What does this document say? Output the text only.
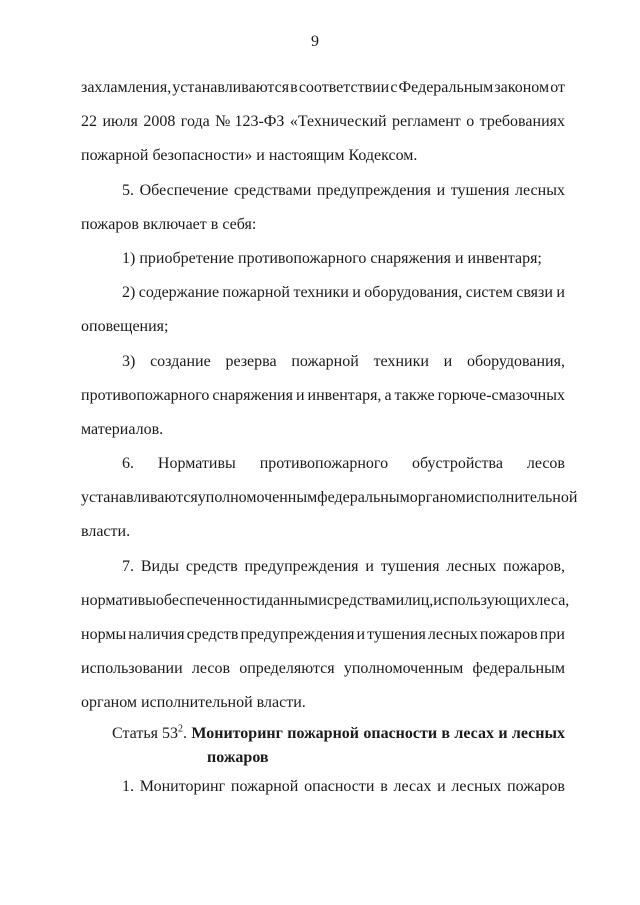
9
захламления, устанавливаются в соответствии с Федеральным законом от
22 июля 2008 года № 123-ФЗ «Технический регламент о требованиях
пожарной безопасности» и настоящим Кодексом.
5. Обеспечение средствами предупреждения и тушения лесных
пожаров включает в себя:
1) приобретение противопожарного снаряжения и инвентаря;
2) содержание пожарной техники и оборудования, систем связи и
оповещения;
3) создание резерва пожарной техники и оборудования,
противопожарного снаряжения и инвентаря, а также горюче-смазочных
материалов.
6. Нормативы противопожарного обустройства лесов
устанавливаются уполномоченным федеральным органом исполнительной
власти.
7. Виды средств предупреждения и тушения лесных пожаров,
нормативы обеспеченности данными средствами лиц, использующих леса,
нормы наличия средств предупреждения и тушения лесных пожаров при
использовании лесов определяются уполномоченным федеральным
органом исполнительной власти.
Статья $53^2$. Мониторинг пожарной опасности в лесах и лесных
пожаров
1. Мониторинг пожарной опасности в лесах и лесных пожаров
